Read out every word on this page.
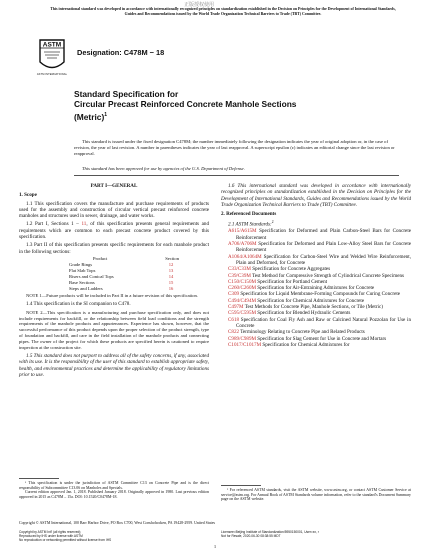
正版授权使用
This international standard was developed in accordance with internationally recognized principles on standardization established in the Decision on Principles for the Development of International Standards, Guides and Recommendations issued by the World Trade Organization Technical Barriers to Trade (TBT) Committee.
ASTM
ASTM INTERNATIONAL
Designation: C478M − 18
Standard Specification for
Circular Precast Reinforced Concrete Manhole Sections
(Metric)$^1$
This standard is issued under the fixed designation C478M; the number immediately following the designation indicates the year of original adoption or, in the case of revision, the year of last revision. A number in parentheses indicates the year of last reapproval. A superscript epsilon (ε) indicates an editorial change since the last revision or reapproval.
This standard has been approved for use by agencies of the U.S. Department of Defense.
PART I—GENERAL
1. Scope

1.1 This specification covers the manufacture and purchase requirements of products used for the assembly and construction of circular vertical precast reinforced concrete manholes and structures used in sewer, drainage, and water works.

1.2 Part I, Sections 1 – 11, of this specification presents general requirements and requirements which are common to each precast concrete product covered by this specification.

1.3 Part II of this specification presents specific requirements for each manhole product in the following sections:

Product	Section
Grade Rings	12
Flat Slab Tops	13
Risers and Conical Tops	14
Base Sections	15
Steps and Ladders	16

NOTE 1—Future products will be included in Part II in a future revision of this specification.

1.4 This specification is the SI companion to C478.

NOTE 2—This specification is a manufacturing and purchase specification only, and does not include requirements for backfill, or the relationship between field load conditions and the strength requirements of the manhole products and appurtenances. Experience has shown, however, that the successful performance of this product depends upon the proper selection of the product strength, type of foundation and backfill, and care in the field installation of the manhole products and connecting pipes. The owner of the project for which these products are specified herein is cautioned to require inspection at the construction site.

1.5 This standard does not purport to address all of the safety concerns, if any, associated with its use. It is the responsibility of the user of this standard to establish appropriate safety, health, and environmental practices and determine the applicability of regulatory limitations prior to use.

¹ This specification is under the jurisdiction of ASTM Committee C13 on Concrete Pipe and is the direct responsibility of Subcommittee C13.06 on Manholes and Specials.

Current edition approved Jan. 1, 2018. Published January 2018. Originally approved in 1980. Last previous edition approved in 2015 as C478M – 15a. DOI: 10.1520/C0478M-18.

1.6 This international standard was developed in accordance with internationally recognized principles on standardization established in the Decision on Principles for the Development of International Standards, Guides and Recommendations issued by the World Trade Organization Technical Barriers to Trade (TBT) Committee.

2. Referenced Documents
2.1 ASTM Standards:$^2$

A615/A615M Specification for Deformed and Plain Carbon-Steel Bars for Concrete Reinforcement

A706/A706M Specification for Deformed and Plain Low-Alloy Steel Bars for Concrete Reinforcement

A1064/A1064M Specification for Carbon-Steel Wire and Welded Wire Reinforcement, Plain and Deformed, for Concrete

C33/C33M Specification for Concrete Aggregates

C39/C39M Test Method for Compressive Strength of Cylindrical Concrete Specimens

C150/C150M Specification for Portland Cement

C260/C260M Specification for Air-Entraining Admixtures for Concrete

C309 Specification for Liquid Membrane-Forming Compounds for Curing Concrete

C494/C494M Specification for Chemical Admixtures for Concrete

C497M Test Methods for Concrete Pipe, Manhole Sections, or Tile (Metric)

C595/C595M Specification for Blended Hydraulic Cements

C618 Specification for Coal Fly Ash and Raw or Calcined Natural Pozzolan for Use in Concrete

C822 Terminology Relating to Concrete Pipe and Related Products

C989/C989M Specification for Slag Cement for Use in Concrete and Mortars

C1017/C1017M Specification for Chemical Admixtures for

² For referenced ASTM standards, visit the ASTM website, www.astm.org, or contact ASTM Customer Service at service@astm.org. For Annual Book of ASTM Standards volume information, refer to the standard's Document Summary page on the ASTM website.
Copyright © ASTM International, 100 Barr Harbor Drive, PO Box C700, West Conshohocken, PA 19428-2959. United States
Copyright by ASTM Int'l (all rights reserved);
Reproduced by IHS under license with ASTM
No reproduction or networking permitted without license from IHS
Licensee=Beijing Institute of Standardization/5950150001, User=xx, r
Not for Resale, 2020-06-30 08:38:55 MDT
1
